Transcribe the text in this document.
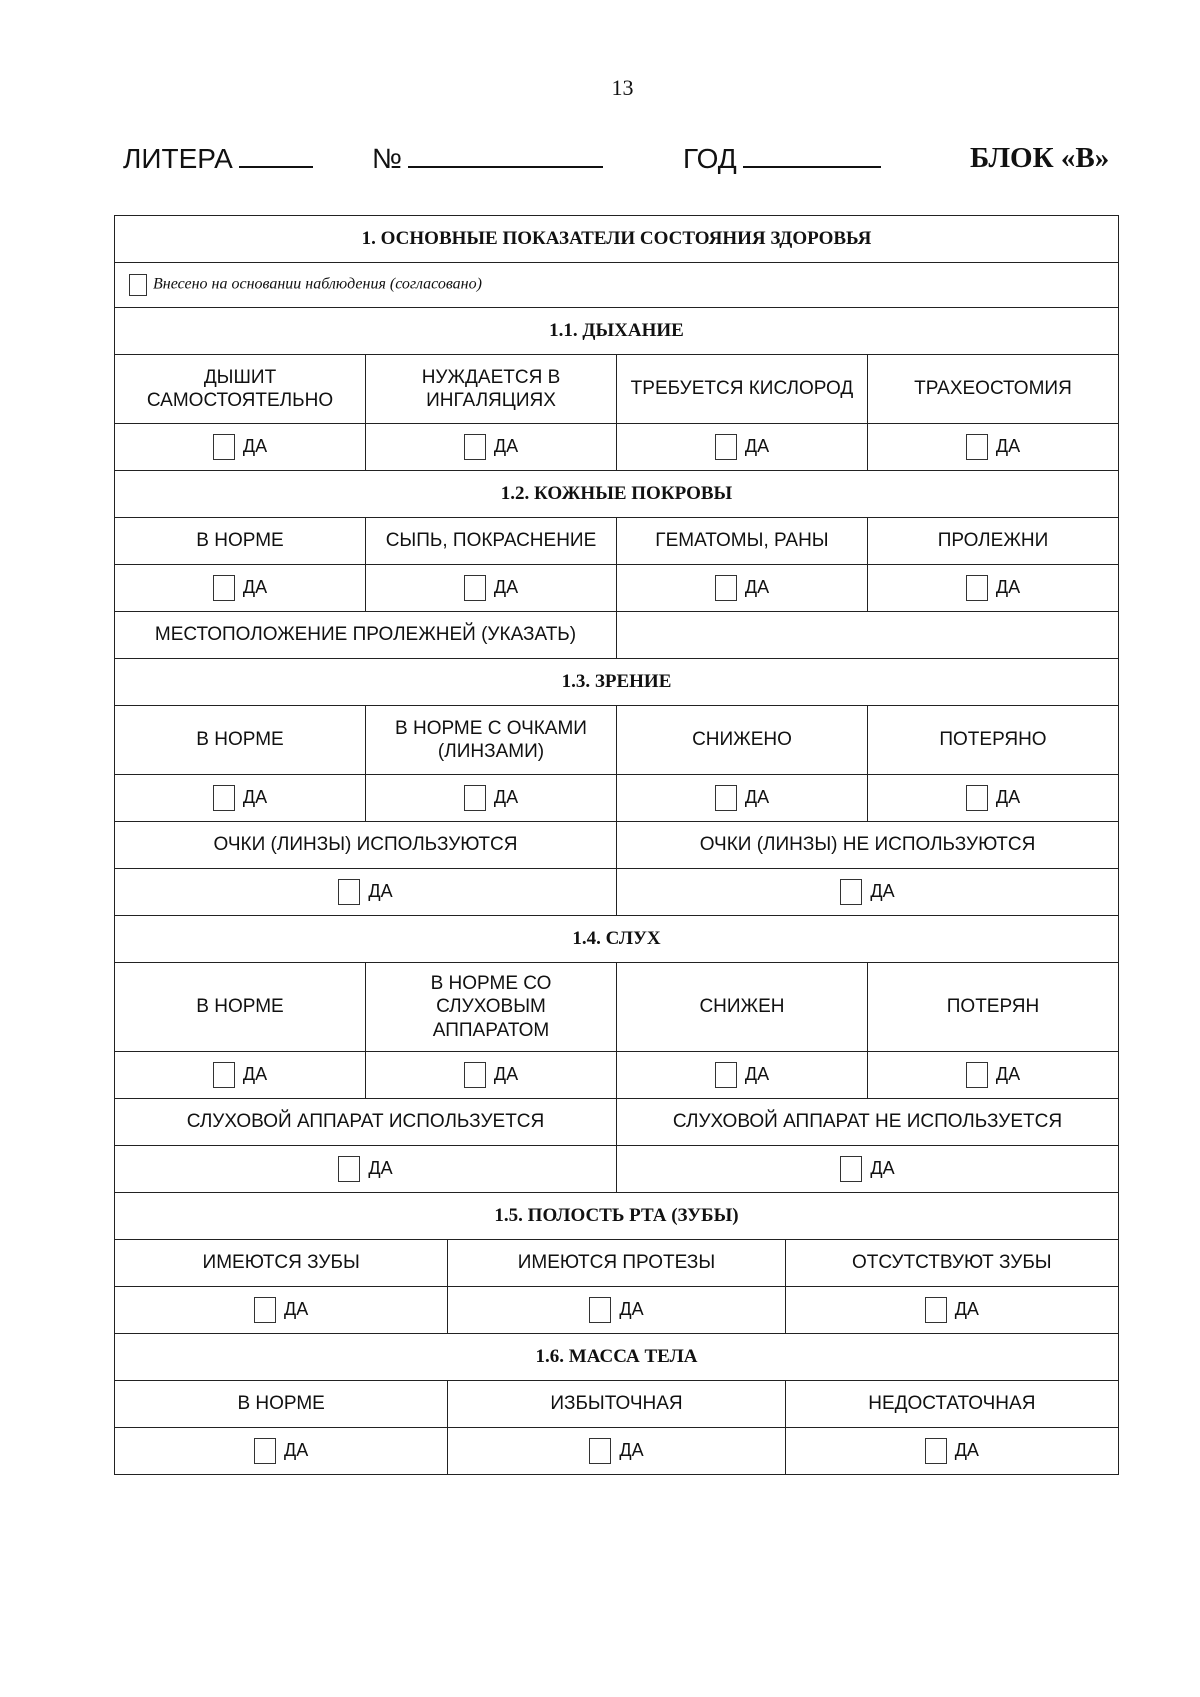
13
ЛИТЕРА	№	ГОД	БЛОК «В»
1. ОСНОВНЫЕ ПОКАЗАТЕЛИ СОСТОЯНИЯ ЗДОРОВЬЯ					
Внесено на основании наблюдения (согласовано)					
1.1. ДЫХАНИЕ					
ДЫШИТ САМОСТОЯТЕЛЬНО	НУЖДАЕТСЯ В ИНГАЛЯЦИЯХ		ТРЕБУЕТСЯ КИСЛОРОД		ТРАХЕОСТОМИЯ
ДА	ДА		ДА		ДА
1.2. КОЖНЫЕ ПОКРОВЫ					
В НОРМЕ	СЫПЬ, ПОКРАСНЕНИЕ		ГЕМАТОМЫ, РАНЫ		ПРОЛЕЖНИ
ДА	ДА		ДА		ДА
МЕСТОПОЛОЖЕНИЕ ПРОЛЕЖНЕЙ (УКАЗАТЬ)					
1.3. ЗРЕНИЕ					
В НОРМЕ	В НОРМЕ С ОЧКАМИ (ЛИНЗАМИ)		СНИЖЕНО		ПОТЕРЯНО
ДА	ДА		ДА		ДА
ОЧКИ (ЛИНЗЫ) ИСПОЛЬЗУЮТСЯ			ОЧКИ (ЛИНЗЫ) НЕ ИСПОЛЬЗУЮТСЯ		
ДА			ДА		
1.4. СЛУХ					
В НОРМЕ	В НОРМЕ СО СЛУХОВЫМ АППАРАТОМ		СНИЖЕН		ПОТЕРЯН
ДА	ДА		ДА		ДА
СЛУХОВОЙ АППАРАТ ИСПОЛЬЗУЕТСЯ			СЛУХОВОЙ АППАРАТ НЕ ИСПОЛЬЗУЕТСЯ		
ДА			ДА		
1.5. ПОЛОСТЬ РТА (ЗУБЫ)					
ИМЕЮТСЯ ЗУБЫ		ИМЕЮТСЯ ПРОТЕЗЫ		ОТСУТСТВУЮТ ЗУБЫ	
ДА		ДА		ДА	
1.6. МАССА ТЕЛА					
В НОРМЕ		ИЗБЫТОЧНАЯ		НЕДОСТАТОЧНАЯ	
ДА		ДА		ДА	
